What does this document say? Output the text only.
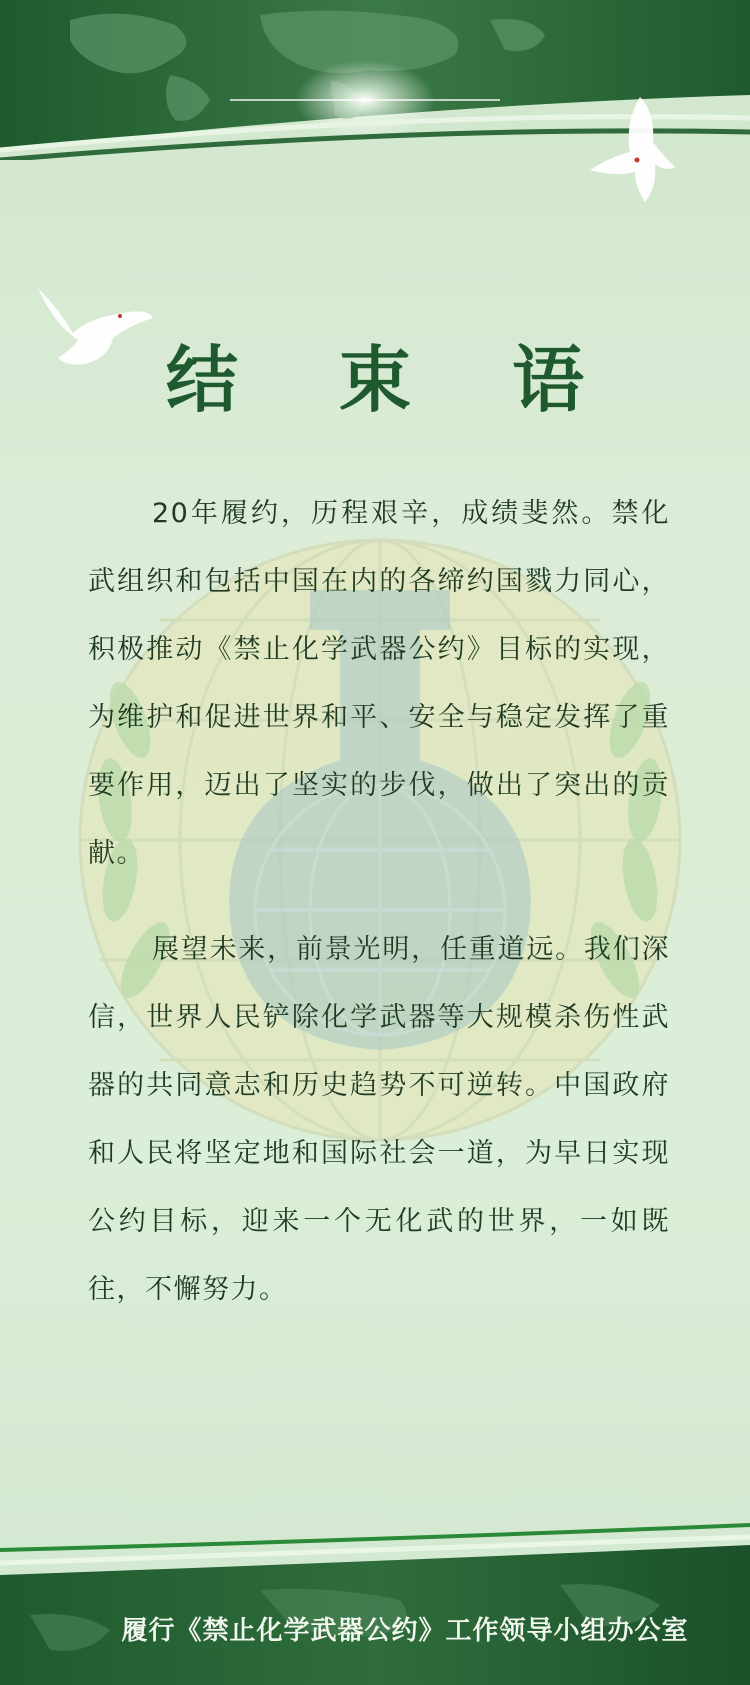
结 束 语

20年履约，历程艰辛，成绩斐然。禁化武组织和包括中国在内的各缔约国戮力同心，积极推动《禁止化学武器公约》目标的实现，为维护和促进世界和平、安全与稳定发挥了重要作用，迈出了坚实的步伐，做出了突出的贡献。

展望未来，前景光明，任重道远。我们深信，世界人民铲除化学武器等大规模杀伤性武器的共同意志和历史趋势不可逆转。中国政府和人民将坚定地和国际社会一道，为早日实现公约目标，迎来一个无化武的世界，一如既往，不懈努力。

履行《禁止化学武器公约》工作领导小组办公室
